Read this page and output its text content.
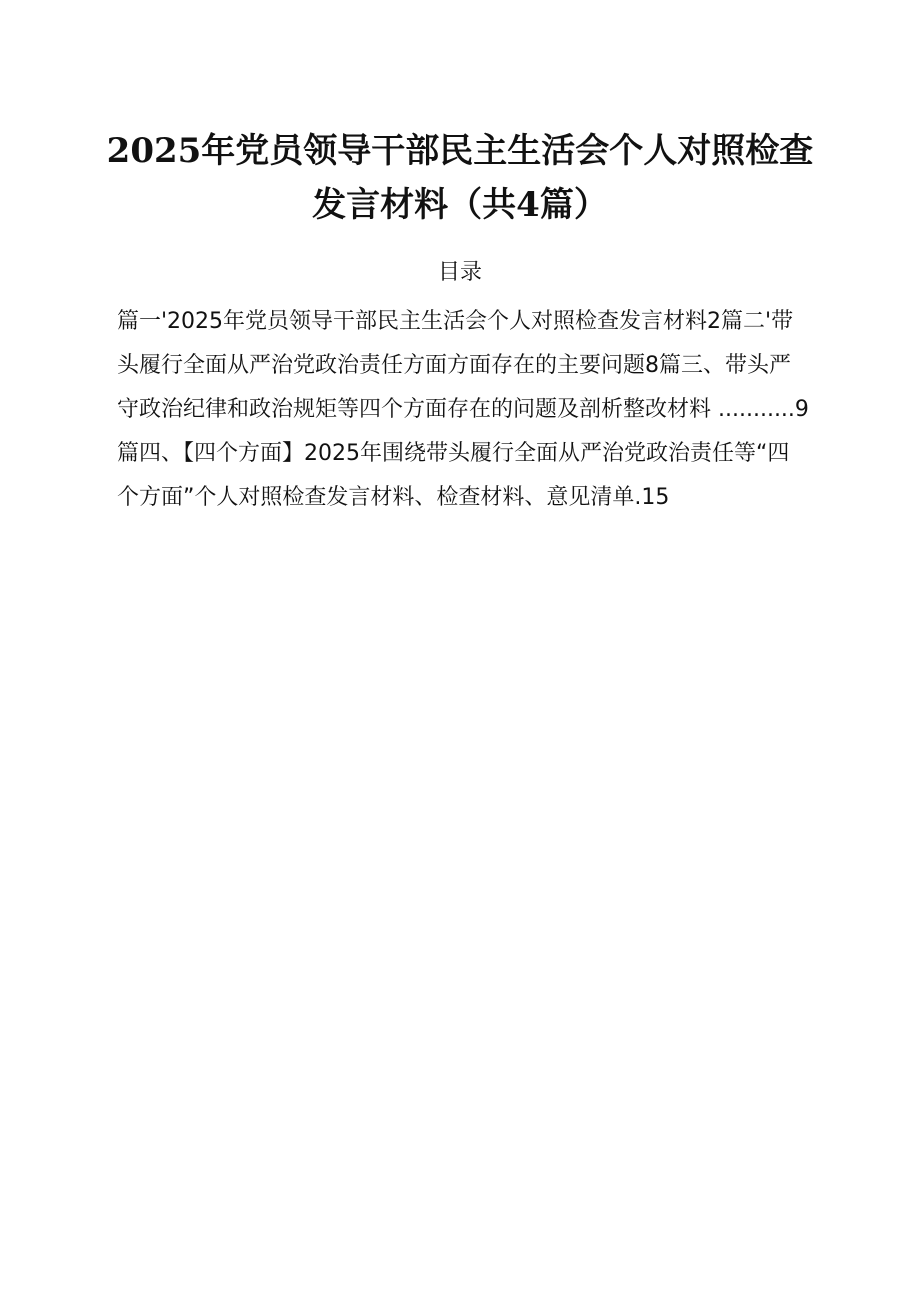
2025年党员领导干部民主生活会个人对照检查
发言材料（共4篇）
目录
篇一'2025年党员领导干部民主生活会个人对照检查发言材料2篇二'带
头履行全面从严治党政治责任方面方面存在的主要问题8篇三、带头严
守政治纪律和政治规矩等四个方面存在的问题及剖析整改材料 ...........9
篇四、【四个方面】2025年围绕带头履行全面从严治党政治责任等“四
个方面”个人对照检查发言材料、检查材料、意见清单.15
